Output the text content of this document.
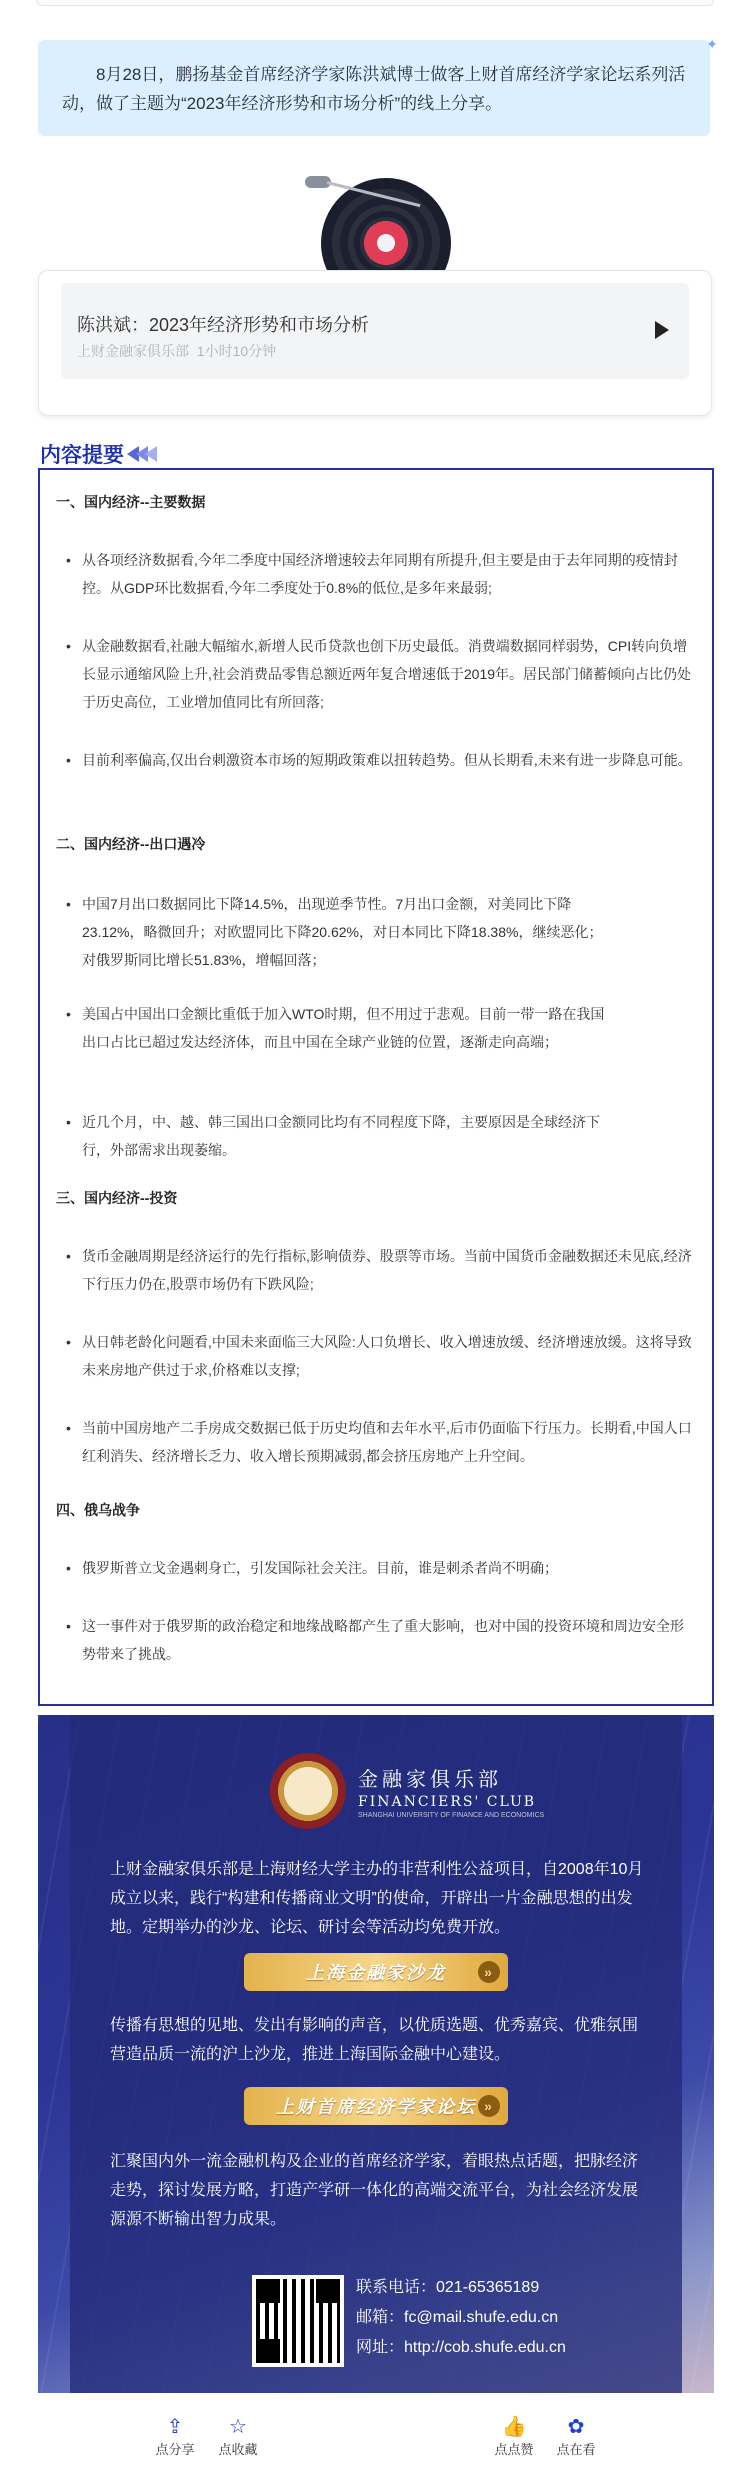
✦

8月28日，鹏扬基金首席经济学家陈洪斌博士做客上财首席经济学家论坛系列活动，做了主题为“2023年经济形势和市场分析”的线上分享。

陈洪斌：2023年经济形势和市场分析
上财金融家俱乐部 1小时10分钟
内容提要
一、国内经济--主要数据
• 从各项经济数据看,今年二季度中国经济增速较去年同期有所提升,但主要是由于去年同期的疫情封控。从GDP环比数据看,今年二季度处于0.8%的低位,是多年来最弱;
• 从金融数据看,社融大幅缩水,新增人民币贷款也创下历史最低。消费端数据同样弱势，CPI转向负增长显示通缩风险上升,社会消费品零售总额近两年复合增速低于2019年。居民部门储蓄倾向占比仍处于历史高位，工业增加值同比有所回落;
• 目前利率偏高,仅出台刺激资本市场的短期政策难以扭转趋势。但从长期看,未来有进一步降息可能。
二、国内经济--出口遇冷
• 中国7月出口数据同比下降14.5%，出现逆季节性。7月出口金额，对美同比下降23.12%，略微回升；对欧盟同比下降20.62%，对日本同比下降18.38%，继续恶化；对俄罗斯同比增长51.83%，增幅回落；
• 美国占中国出口金额比重低于加入WTO时期，但不用过于悲观。目前一带一路在我国出口占比已超过发达经济体，而且中国在全球产业链的位置，逐渐走向高端；
• 近几个月，中、越、韩三国出口金额同比均有不同程度下降，主要原因是全球经济下行，外部需求出现萎缩。
三、国内经济--投资
• 货币金融周期是经济运行的先行指标,影响债券、股票等市场。当前中国货币金融数据还未见底,经济下行压力仍在,股票市场仍有下跌风险;
• 从日韩老龄化问题看,中国未来面临三大风险:人口负增长、收入增速放缓、经济增速放缓。这将导致未来房地产供过于求,价格难以支撑;
• 当前中国房地产二手房成交数据已低于历史均值和去年水平,后市仍面临下行压力。长期看,中国人口红利消失、经济增长乏力、收入增长预期减弱,都会挤压房地产上升空间。
四、俄乌战争
• 俄罗斯普立戈金遇刺身亡，引发国际社会关注。目前，谁是刺杀者尚不明确；
• 这一事件对于俄罗斯的政治稳定和地缘战略都产生了重大影响，也对中国的投资环境和周边安全形势带来了挑战。
金融家俱乐部
FINANCIERS' CLUB
SHANGHAI UNIVERSITY OF FINANCE AND ECONOMICS
上财金融家俱乐部是上海财经大学主办的非营利性公益项目，自2008年10月成立以来，践行“构建和传播商业文明”的使命，开辟出一片金融思想的出发地。定期举办的沙龙、论坛、研讨会等活动均免费开放。
上海金融家沙龙	»
传播有思想的见地、发出有影响的声音，以优质选题、优秀嘉宾、优雅氛围营造品质一流的沪上沙龙，推进上海国际金融中心建设。
上财首席经济学家论坛 »
汇聚国内外一流金融机构及企业的首席经济学家，着眼热点话题，把脉经济走势，探讨发展方略，打造产学研一体化的高端交流平台，为社会经济发展源源不断输出智力成果。
联系电话：021-65365189
邮箱：fc@mail.shufe.edu.cn
网址：http://cob.shufe.edu.cn
⇪
点分享
☆
点收藏
👍
点点赞
✿
点在看
